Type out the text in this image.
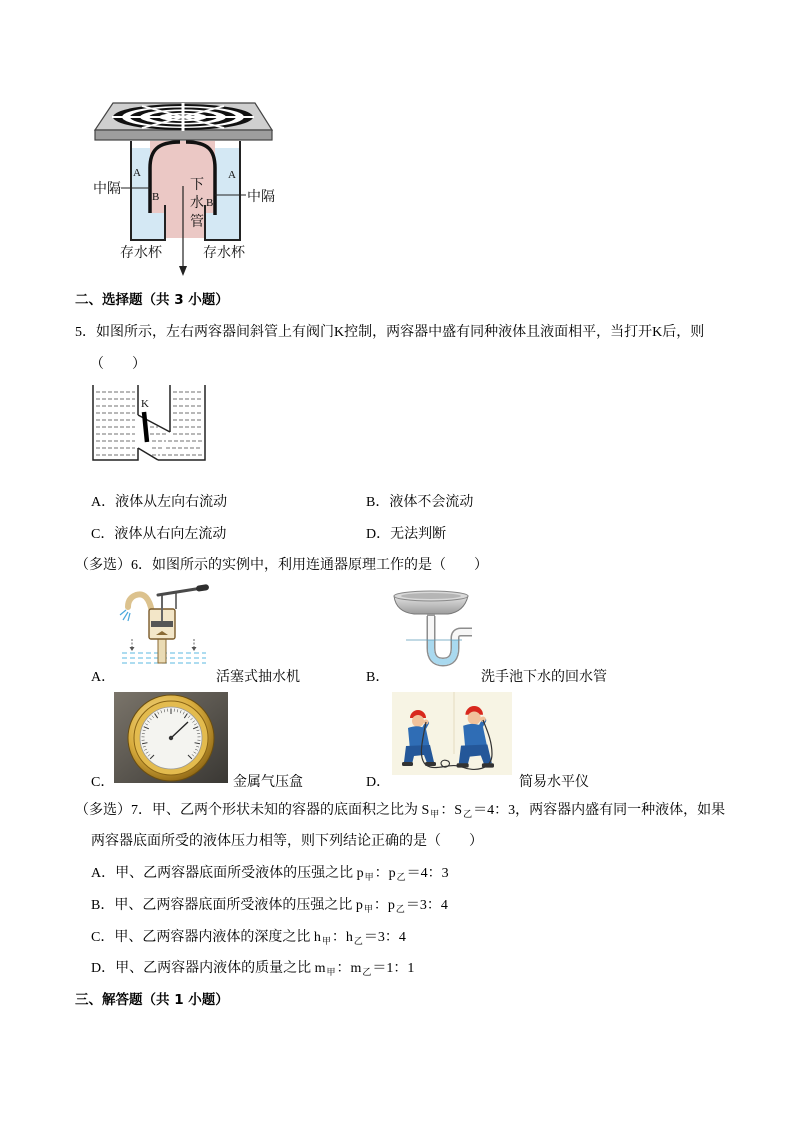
中隔
A
B
下
水
管
A
B 中隔
存水杯	存水杯
二、选择题（共 3 小题）
5．如图所示，左右两容器间斜管上有阀门K控制，两容器中盛有同种液体且液面相平，当打开K后，则
（　　）
K
A．液体从左向右流动	B．液体不会流动
C．液体从右向左流动	D．无法判断
（多选）6．如图所示的实例中，利用连通器原理工作的是（　　）
A．	活塞式抽水机	B．	洗手池下水的回水管
C．	金属气压盒	D．	简易水平仪
（多选）7．甲、乙两个形状未知的容器的底面积之比为 $S_甲$：$S_乙=4$：3，两容器内盛有同一种液体，如果
两容器底面所受的液体压力相等，则下列结论正确的是（　　）
A．甲、乙两容器底面所受液体的压强之比 $p_甲$：$p_乙=4$：3
B．甲、乙两容器底面所受液体的压强之比 $p_甲$：$p_乙=3$：4
C．甲、乙两容器内液体的深度之比 $h_甲$：$h_乙=3$：4
D．甲、乙两容器内液体的质量之比 $m_甲$：$m_乙=1$：1
三、解答题（共 1 小题）
